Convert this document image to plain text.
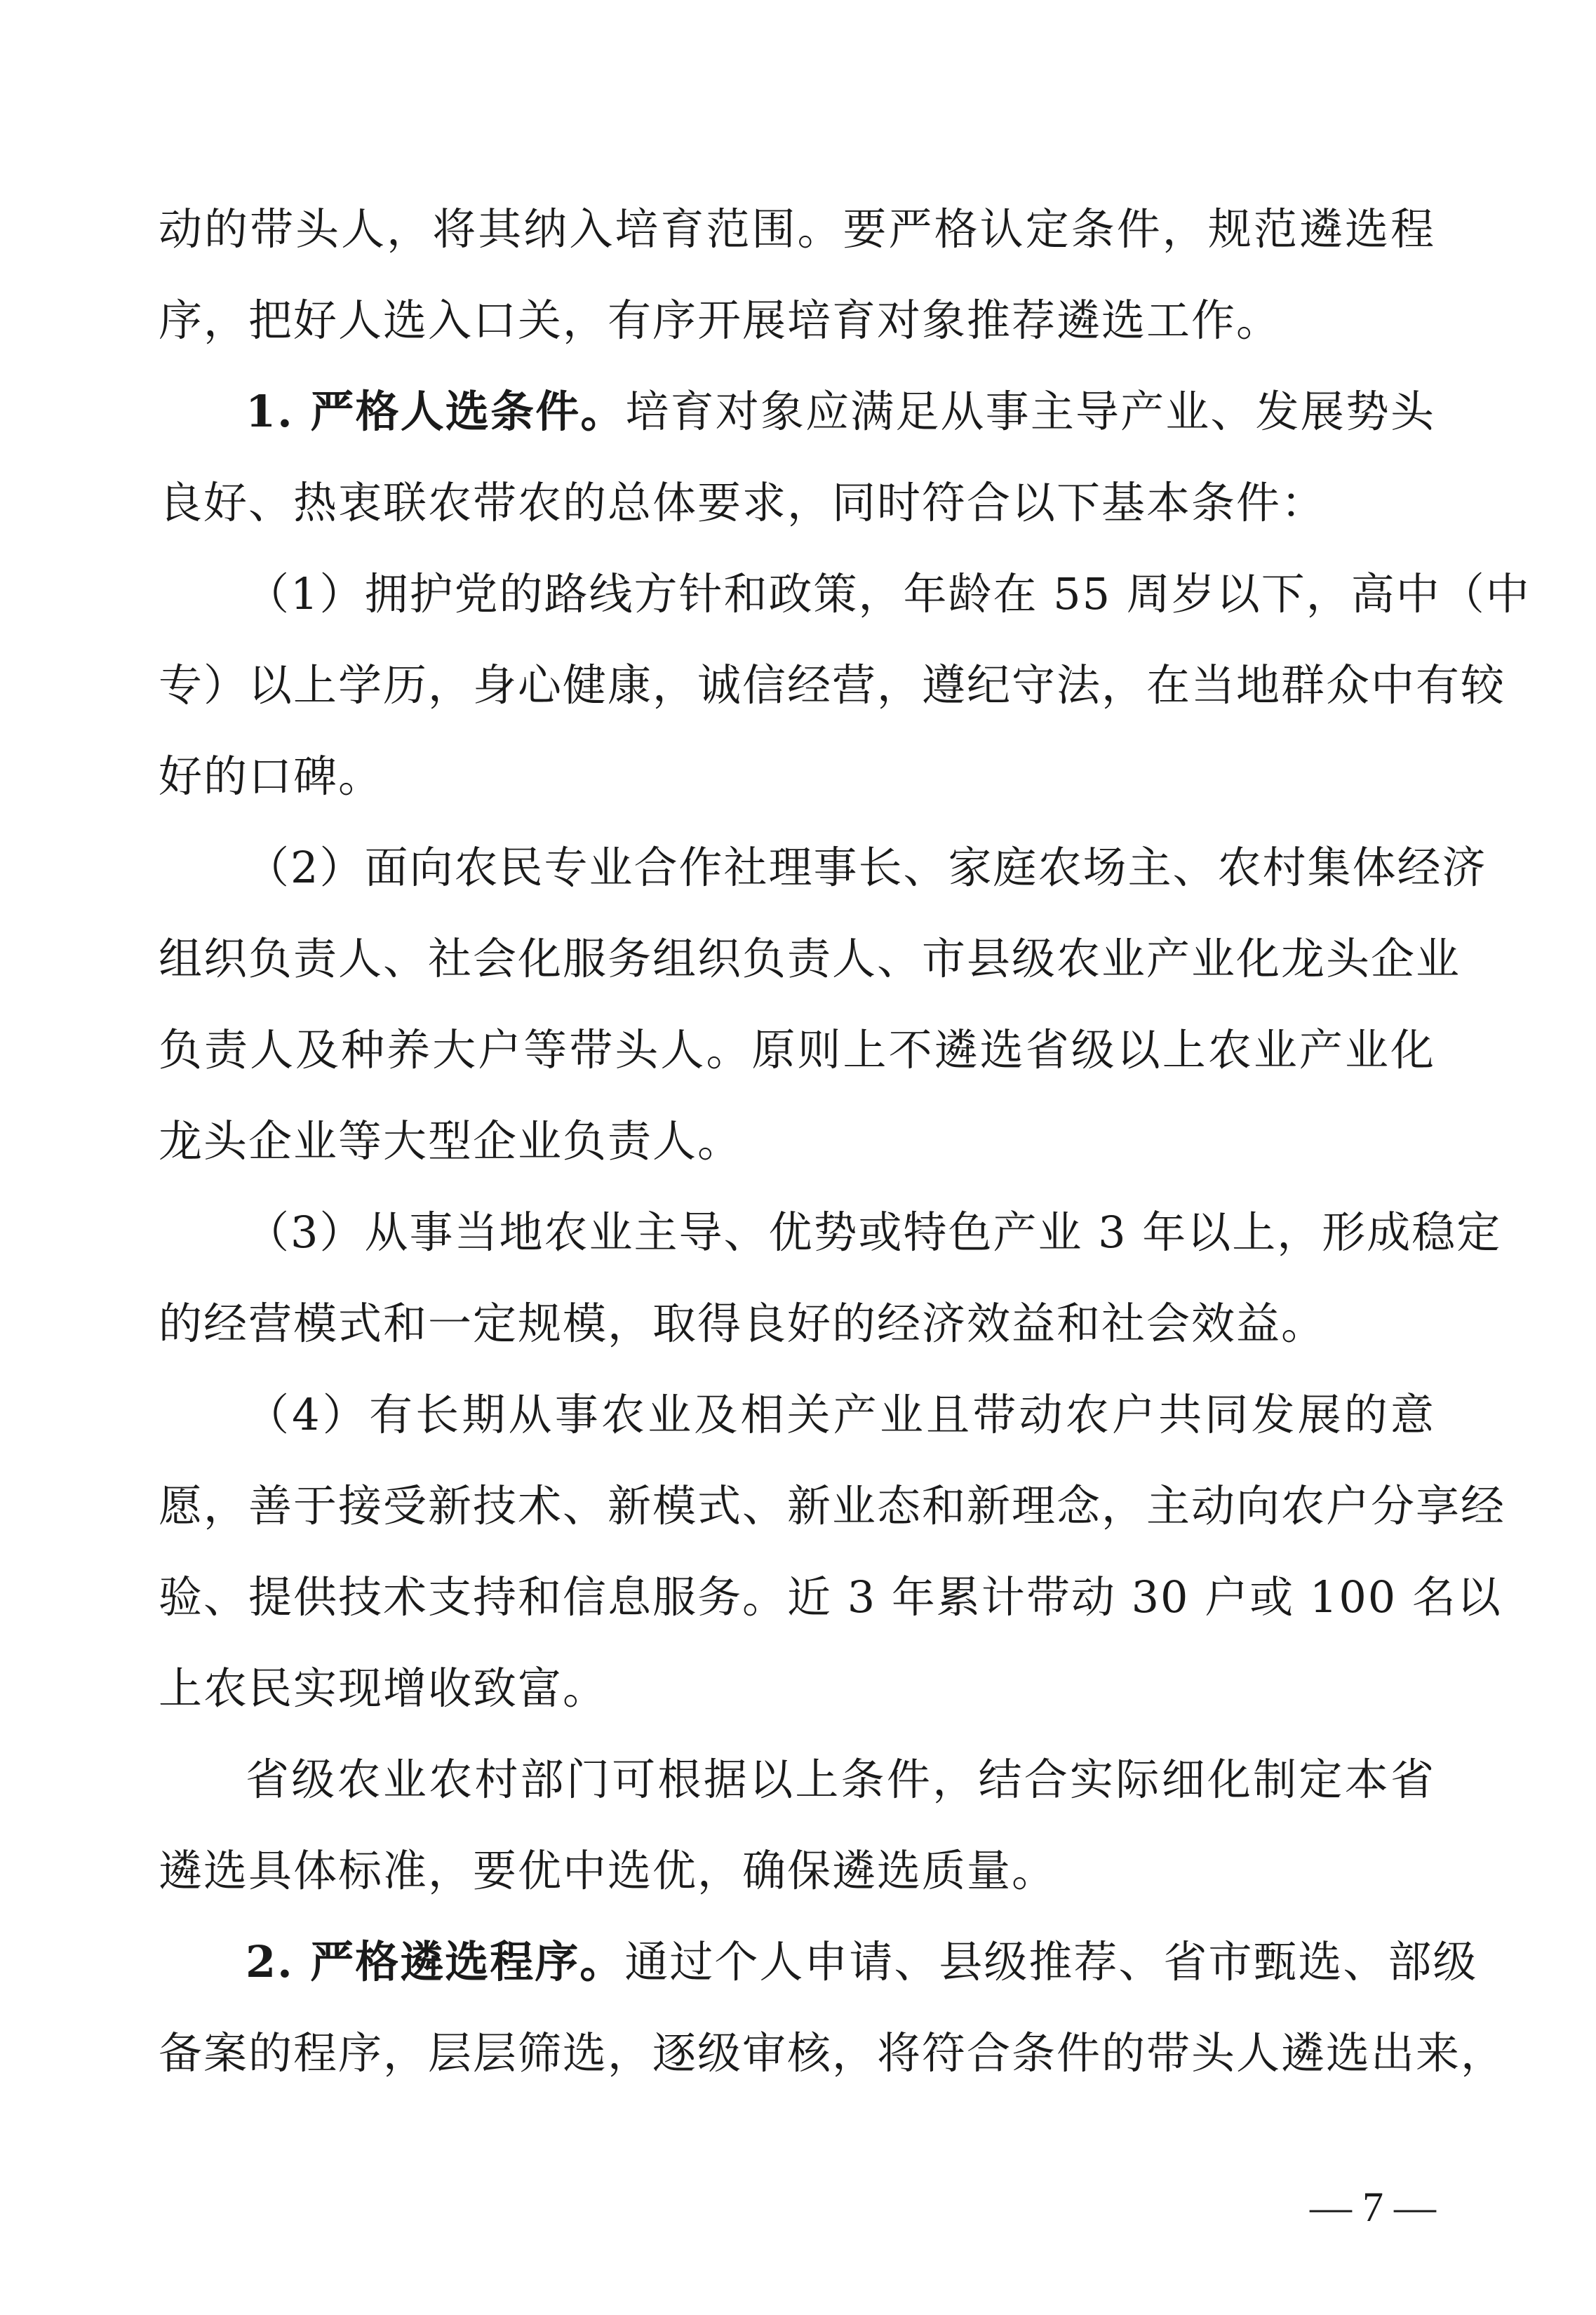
动的带头人，将其纳入培育范围。要严格认定条件，规范遴选程
序，把好人选入口关，有序开展培育对象推荐遴选工作。
1. 严格人选条件。培育对象应满足从事主导产业、发展势头
良好、热衷联农带农的总体要求，同时符合以下基本条件：
（1）拥护党的路线方针和政策，年龄在 55 周岁以下，高中（中
专）以上学历，身心健康，诚信经营，遵纪守法，在当地群众中有较
好的口碑。
（2）面向农民专业合作社理事长、家庭农场主、农村集体经济
组织负责人、社会化服务组织负责人、市县级农业产业化龙头企业
负责人及种养大户等带头人。原则上不遴选省级以上农业产业化
龙头企业等大型企业负责人。
（3）从事当地农业主导、优势或特色产业 3 年以上，形成稳定
的经营模式和一定规模，取得良好的经济效益和社会效益。
（4）有长期从事农业及相关产业且带动农户共同发展的意
愿，善于接受新技术、新模式、新业态和新理念，主动向农户分享经
验、提供技术支持和信息服务。近 3 年累计带动 30 户或 100 名以
上农民实现增收致富。
省级农业农村部门可根据以上条件，结合实际细化制定本省
遴选具体标准，要优中选优，确保遴选质量。
2. 严格遴选程序。通过个人申请、县级推荐、省市甄选、部级
备案的程序，层层筛选，逐级审核，将符合条件的带头人遴选出来，
— 7 —
